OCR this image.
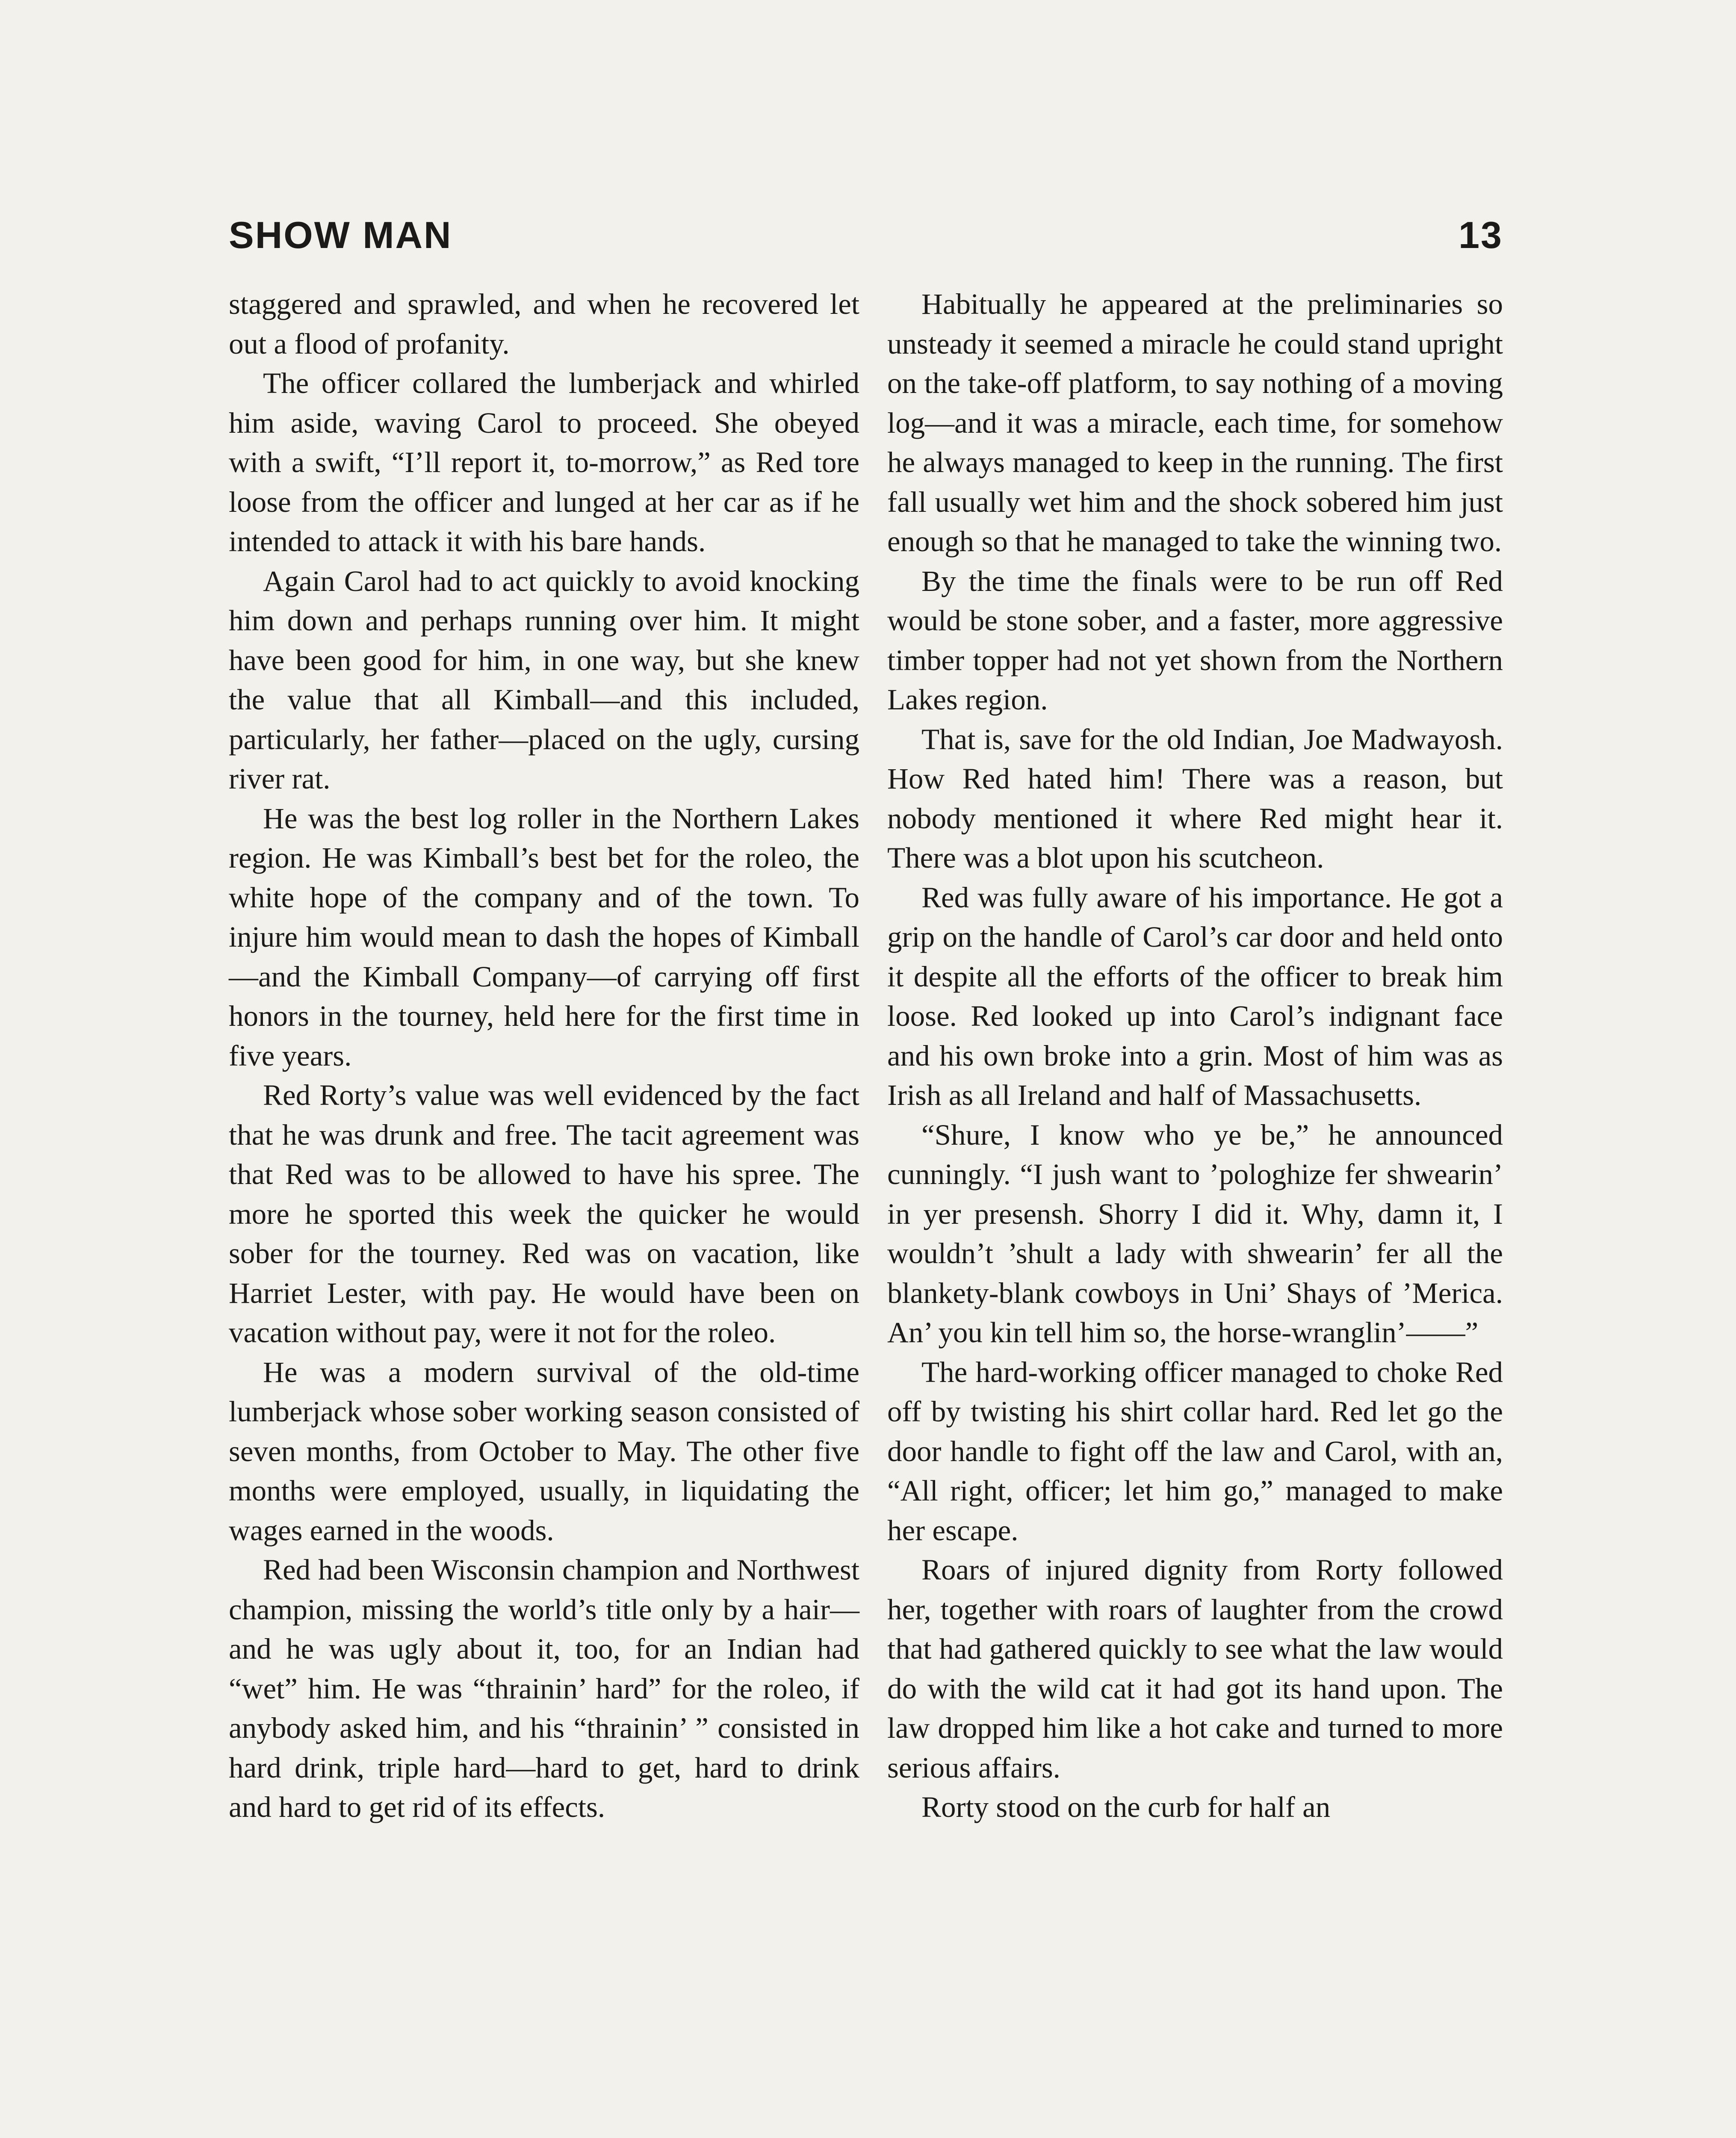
SHOW MAN	13

staggered and sprawled, and when he recovered let out a flood of profanity.

The officer collared the lumberjack and whirled him aside, waving Carol to proceed. She obeyed with a swift, “I’ll report it, to-morrow,” as Red tore loose from the officer and lunged at her car as if he intended to attack it with his bare hands.

Again Carol had to act quickly to avoid knocking him down and perhaps running over him. It might have been good for him, in one way, but she knew the value that all Kimball—and this included, particularly, her father—placed on the ugly, cursing river rat.

He was the best log roller in the Northern Lakes region. He was Kimball’s best bet for the roleo, the white hope of the company and of the town. To injure him would mean to dash the hopes of Kimball—and the Kimball Company—of carrying off first honors in the tourney, held here for the first time in five years.

Red Rorty’s value was well evidenced by the fact that he was drunk and free. The tacit agreement was that Red was to be allowed to have his spree. The more he sported this week the quicker he would sober for the tourney. Red was on vacation, like Harriet Lester, with pay. He would have been on vacation without pay, were it not for the roleo.

He was a modern survival of the old-time lumberjack whose sober working season consisted of seven months, from October to May. The other five months were employed, usually, in liquidating the wages earned in the woods.

Red had been Wisconsin champion and Northwest champion, missing the world’s title only by a hair—and he was ugly about it, too, for an Indian had “wet” him. He was “thrainin’ hard” for the roleo, if anybody asked him, and his “thrainin’ ” consisted in hard drink, triple hard—hard to get, hard to drink and hard to get rid of its effects.

Habitually he appeared at the preliminaries so unsteady it seemed a miracle he could stand upright on the take-off platform, to say nothing of a moving log—and it was a miracle, each time, for somehow he always managed to keep in the running. The first fall usually wet him and the shock sobered him just enough so that he managed to take the winning two.

By the time the finals were to be run off Red would be stone sober, and a faster, more aggressive timber topper had not yet shown from the Northern Lakes region.

That is, save for the old Indian, Joe Madwayosh. How Red hated him! There was a reason, but nobody mentioned it where Red might hear it. There was a blot upon his scutcheon.

Red was fully aware of his importance. He got a grip on the handle of Carol’s car door and held onto it despite all the efforts of the officer to break him loose. Red looked up into Carol’s indignant face and his own broke into a grin. Most of him was as Irish as all Ireland and half of Massachusetts.

“Shure, I know who ye be,” he announced cunningly. “I jush want to ’pologhize fer shwearin’ in yer presensh. Shorry I did it. Why, damn it, I wouldn’t ’shult a lady with shwearin’ fer all the blankety-blank cowboys in Uni’ Shays of ’Merica. An’ you kin tell him so, the horse-wranglin’——”

The hard-working officer managed to choke Red off by twisting his shirt collar hard. Red let go the door handle to fight off the law and Carol, with an, “All right, officer; let him go,” managed to make her escape.

Roars of injured dignity from Rorty followed her, together with roars of laughter from the crowd that had gathered quickly to see what the law would do with the wild cat it had got its hand upon. The law dropped him like a hot cake and turned to more serious affairs.

Rorty stood on the curb for half an
